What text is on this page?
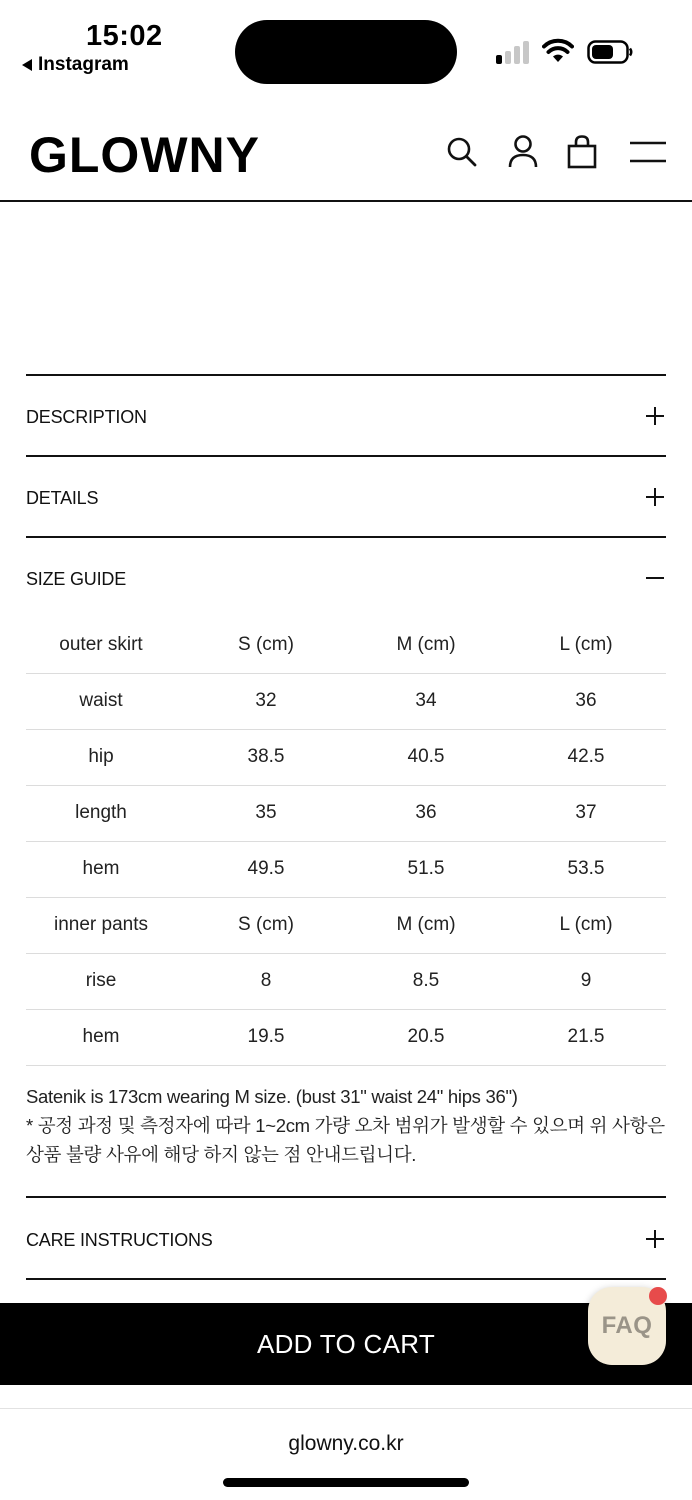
15:02
Instagram
GLOWNY
DESCRIPTION
DETAILS
SIZE GUIDE
outer skirt	S (cm)	M (cm)	L (cm)
waist	32	34	36
hip	38.5	40.5	42.5
length	35	36	37
hem	49.5	51.5	53.5
inner pants	S (cm)	M (cm)	L (cm)
rise	8	8.5	9
hem	19.5	20.5	21.5
Satenik is 173cm wearing M size. (bust 31" waist 24" hips 36")
* 공정 과정 및 측정자에 따라 1~2cm 가량 오차 범위가 발생할 수 있으며 위 사항은 상품 불량 사유에 해당 하지 않는 점 안내드립니다.
CARE INSTRUCTIONS
ADD TO CART
FAQ
glowny.co.kr
